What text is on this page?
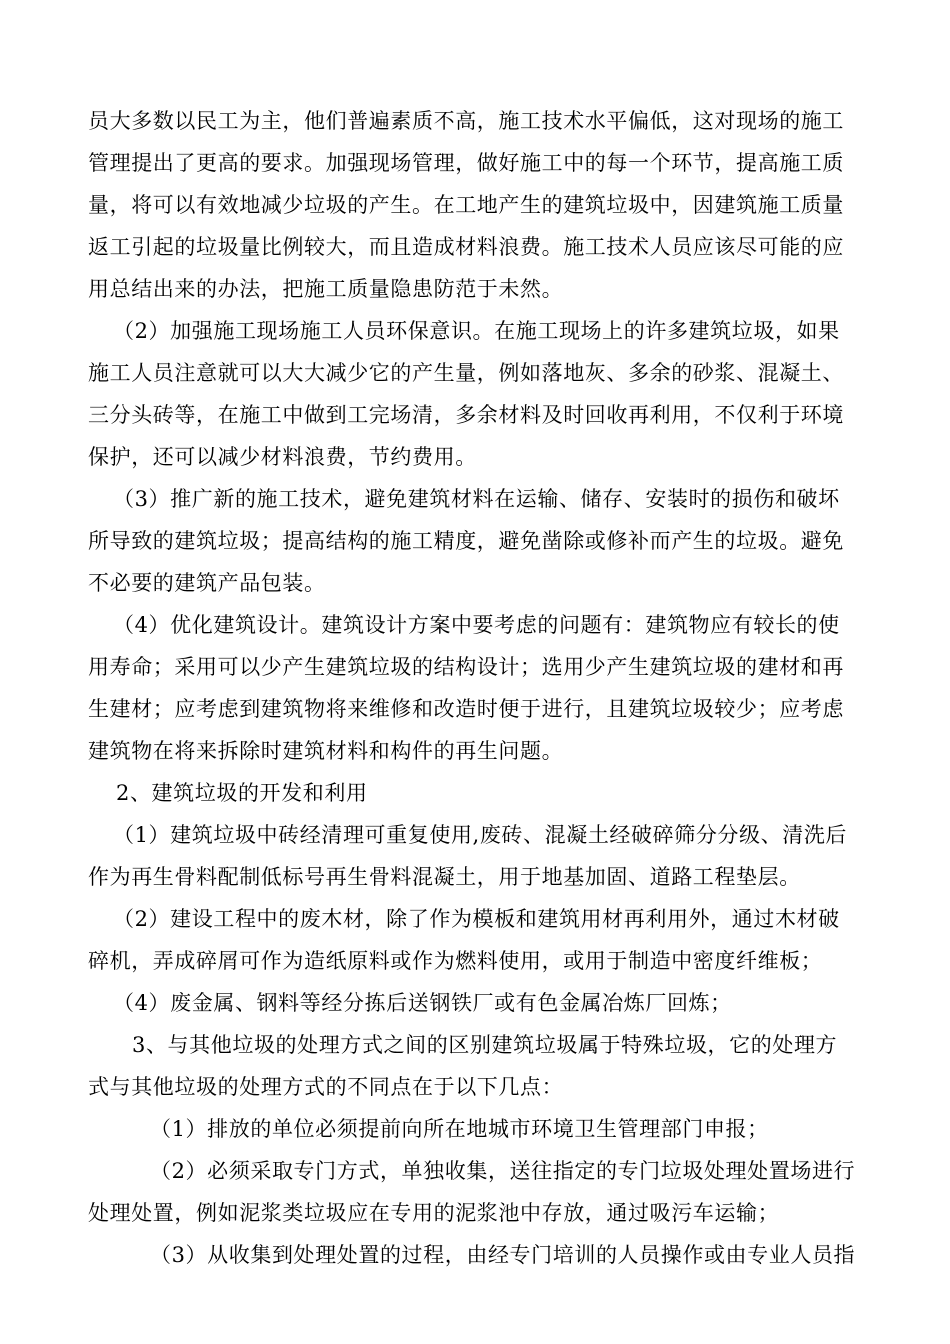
员大多数以民工为主，他们普遍素质不高，施工技术水平偏低，这对现场的施工
管理提出了更高的要求。加强现场管理，做好施工中的每一个环节，提高施工质
量，将可以有效地减少垃圾的产生。在工地产生的建筑垃圾中，因建筑施工质量
返工引起的垃圾量比例较大，而且造成材料浪费。施工技术人员应该尽可能的应
用总结出来的办法，把施工质量隐患防范于未然。
（2）加强施工现场施工人员环保意识。在施工现场上的许多建筑垃圾，如果
施工人员注意就可以大大减少它的产生量，例如落地灰、多余的砂浆、混凝土、
三分头砖等，在施工中做到工完场清，多余材料及时回收再利用，不仅利于环境
保护，还可以减少材料浪费，节约费用。
（3）推广新的施工技术，避免建筑材料在运输、储存、安装时的损伤和破坏
所导致的建筑垃圾；提高结构的施工精度，避免凿除或修补而产生的垃圾。避免
不必要的建筑产品包装。
（4）优化建筑设计。建筑设计方案中要考虑的问题有：建筑物应有较长的使
用寿命；采用可以少产生建筑垃圾的结构设计；选用少产生建筑垃圾的建材和再
生建材；应考虑到建筑物将来维修和改造时便于进行，且建筑垃圾较少；应考虑
建筑物在将来拆除时建筑材料和构件的再生问题。
2、建筑垃圾的开发和利用
（1）建筑垃圾中砖经清理可重复使用,废砖、混凝土经破碎筛分分级、清洗后
作为再生骨料配制低标号再生骨料混凝土，用于地基加固、道路工程垫层。
（2）建设工程中的废木材，除了作为模板和建筑用材再利用外，通过木材破
碎机，弄成碎屑可作为造纸原料或作为燃料使用，或用于制造中密度纤维板；
（4）废金属、钢料等经分拣后送钢铁厂或有色金属冶炼厂回炼；
3、与其他垃圾的处理方式之间的区别建筑垃圾属于特殊垃圾，它的处理方
式与其他垃圾的处理方式的不同点在于以下几点：
（1）排放的单位必须提前向所在地城市环境卫生管理部门申报；
（2）必须采取专门方式，单独收集，送往指定的专门垃圾处理处置场进行
处理处置，例如泥浆类垃圾应在专用的泥浆池中存放，通过吸污车运输；
（3）从收集到处理处置的过程，由经专门培训的人员操作或由专业人员指
